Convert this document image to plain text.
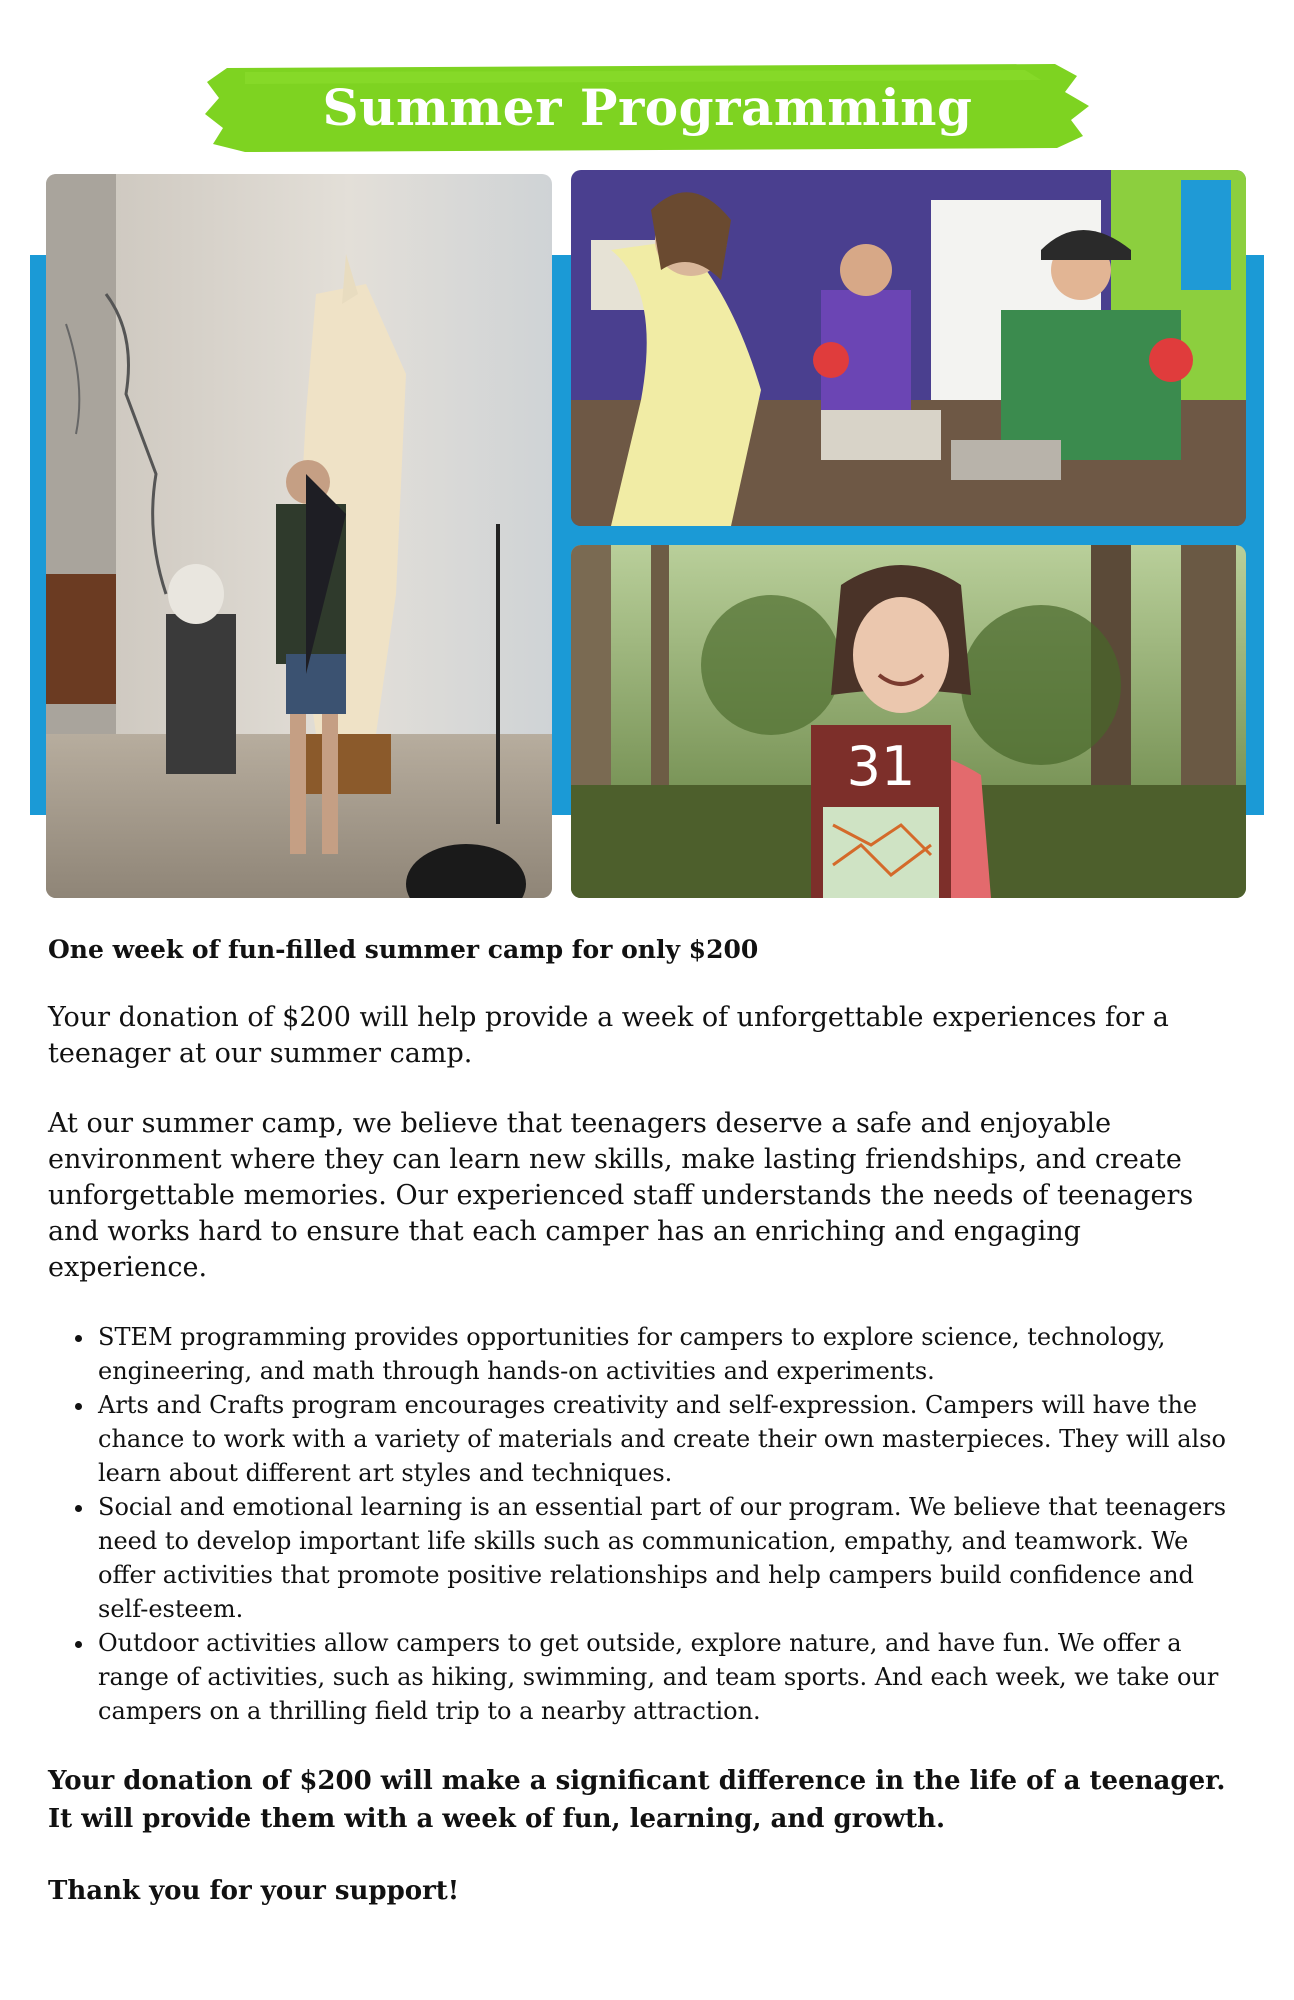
Summer Programming
31

One week of fun-filled summer camp for only $200

Your donation of $200 will help provide a week of unforgettable experiences for a teenager at our summer camp.

At our summer camp, we believe that teenagers deserve a safe and enjoyable environment where they can learn new skills, make lasting friendships, and create unforgettable memories. Our experienced staff understands the needs of teenagers and works hard to ensure that each camper has an enriching and engaging experience.

• STEM programming provides opportunities for campers to explore science, technology, engineering, and math through hands-on activities and experiments.
• Arts and Crafts program encourages creativity and self-expression. Campers will have the chance to work with a variety of materials and create their own masterpieces. They will also learn about different art styles and techniques.
• Social and emotional learning is an essential part of our program. We believe that teenagers need to develop important life skills such as communication, empathy, and teamwork. We offer activities that promote positive relationships and help campers build confidence and self-esteem.
• Outdoor activities allow campers to get outside, explore nature, and have fun. We offer a range of activities, such as hiking, swimming, and team sports. And each week, we take our campers on a thrilling field trip to a nearby attraction.

Your donation of $200 will make a significant difference in the life of a teenager. It will provide them with a week of fun, learning, and growth.

Thank you for your support!
